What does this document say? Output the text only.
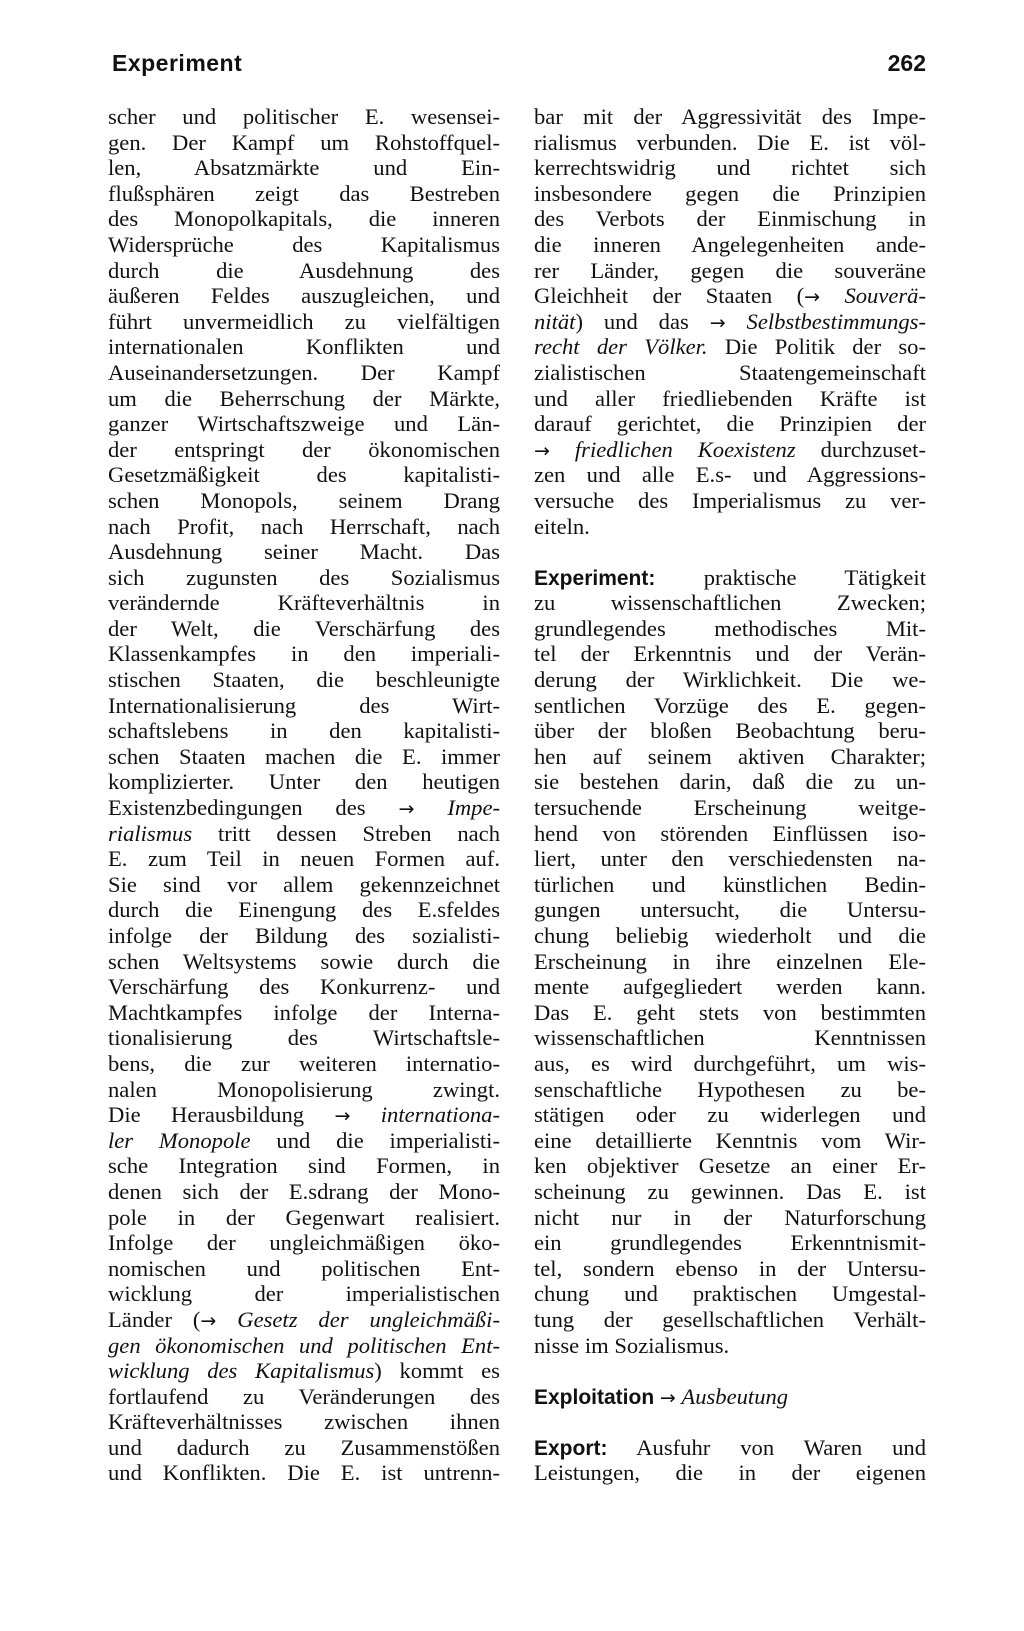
Experiment	262
scher und politischer E. wesensei-
gen. Der Kampf um Rohstoffquel-
len, Absatzmärkte und Ein-
flußsphären zeigt das Bestreben
des Monopolkapitals, die inneren
Widersprüche des Kapitalismus
durch die Ausdehnung des
äußeren Feldes auszugleichen, und
führt unvermeidlich zu vielfältigen
internationalen Konflikten und
Auseinandersetzungen. Der Kampf
um die Beherrschung der Märkte,
ganzer Wirtschaftszweige und Län-
der entspringt der ökonomischen
Gesetzmäßigkeit des kapitalisti-
schen Monopols, seinem Drang
nach Profit, nach Herrschaft, nach
Ausdehnung seiner Macht. Das
sich zugunsten des Sozialismus
verändernde Kräfteverhältnis in
der Welt, die Verschärfung des
Klassenkampfes in den imperiali-
stischen Staaten, die beschleunigte
Internationalisierung des Wirt-
schaftslebens in den kapitalisti-
schen Staaten machen die E. immer
komplizierter. Unter den heutigen
Existenzbedingungen des → Impe-
rialismus tritt dessen Streben nach
E. zum Teil in neuen Formen auf.
Sie sind vor allem gekennzeichnet
durch die Einengung des E.sfeldes
infolge der Bildung des sozialisti-
schen Weltsystems sowie durch die
Verschärfung des Konkurrenz- und
Machtkampfes infolge der Interna-
tionalisierung des Wirtschaftsle-
bens, die zur weiteren internatio-
nalen Monopolisierung zwingt.
Die Herausbildung → internationa-
ler Monopole und die imperialisti-
sche Integration sind Formen, in
denen sich der E.sdrang der Mono-
pole in der Gegenwart realisiert.
Infolge der ungleichmäßigen öko-
nomischen und politischen Ent-
wicklung der imperialistischen
Länder (→ Gesetz der ungleichmäßi-
gen ökonomischen und politischen Ent-
wicklung des Kapitalismus) kommt es
fortlaufend zu Veränderungen des
Kräfteverhältnisses zwischen ihnen
und dadurch zu Zusammenstößen
und Konflikten. Die E. ist untrenn-
bar mit der Aggressivität des Impe-
rialismus verbunden. Die E. ist völ-
kerrechtswidrig und richtet sich
insbesondere gegen die Prinzipien
des Verbots der Einmischung in
die inneren Angelegenheiten ande-
rer Länder, gegen die souveräne
Gleichheit der Staaten (→ Souverä-
nität) und das → Selbstbestimmungs-
recht der Völker. Die Politik der so-
zialistischen Staatengemeinschaft
und aller friedliebenden Kräfte ist
darauf gerichtet, die Prinzipien der
→ friedlichen Koexistenz durchzuset-
zen und alle E.s- und Aggressions-
versuche des Imperialismus zu ver-
eiteln.
Experiment: praktische Tätigkeit
zu wissenschaftlichen Zwecken;
grundlegendes methodisches Mit-
tel der Erkenntnis und der Verän-
derung der Wirklichkeit. Die we-
sentlichen Vorzüge des E. gegen-
über der bloßen Beobachtung beru-
hen auf seinem aktiven Charakter;
sie bestehen darin, daß die zu un-
tersuchende Erscheinung weitge-
hend von störenden Einflüssen iso-
liert, unter den verschiedensten na-
türlichen und künstlichen Bedin-
gungen untersucht, die Untersu-
chung beliebig wiederholt und die
Erscheinung in ihre einzelnen Ele-
mente aufgegliedert werden kann.
Das E. geht stets von bestimmten
wissenschaftlichen Kenntnissen
aus, es wird durchgeführt, um wis-
senschaftliche Hypothesen zu be-
stätigen oder zu widerlegen und
eine detaillierte Kenntnis vom Wir-
ken objektiver Gesetze an einer Er-
scheinung zu gewinnen. Das E. ist
nicht nur in der Naturforschung
ein grundlegendes Erkenntnismit-
tel, sondern ebenso in der Untersu-
chung und praktischen Umgestal-
tung der gesellschaftlichen Verhält-
nisse im Sozialismus.
Exploitation → Ausbeutung
Export: Ausfuhr von Waren und
Leistungen, die in der eigenen
